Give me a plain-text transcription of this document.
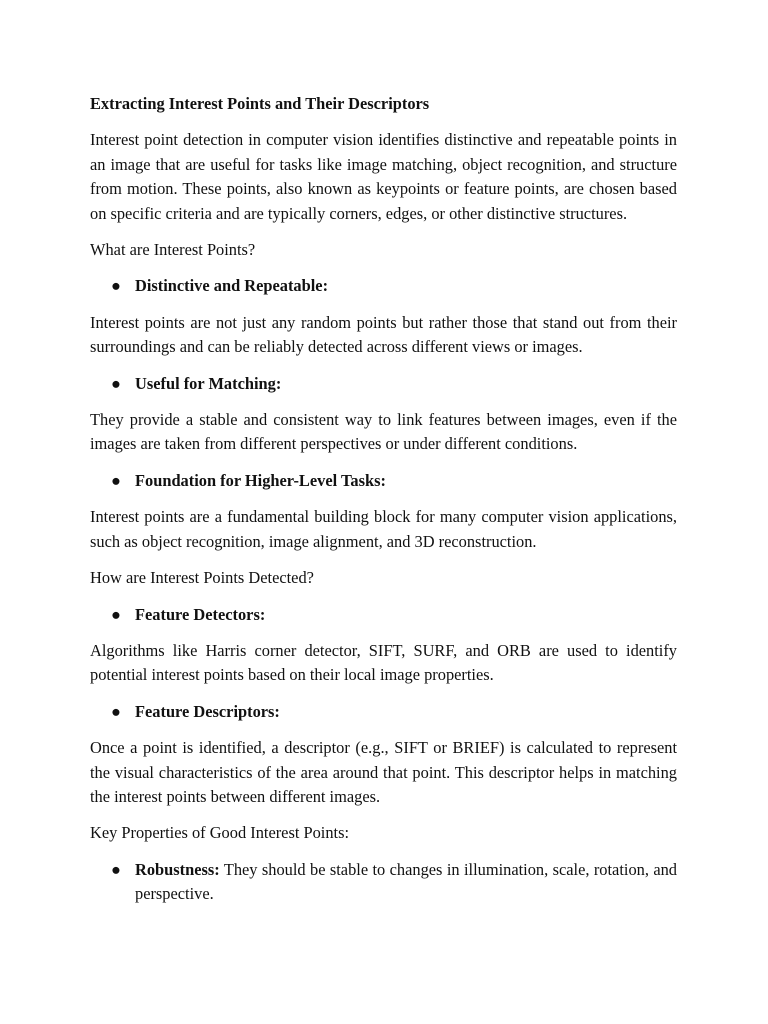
Extracting Interest Points and Their Descriptors
Interest point detection in computer vision identifies distinctive and repeatable points in an image that are useful for tasks like image matching, object recognition, and structure from motion. These points, also known as keypoints or feature points, are chosen based on specific criteria and are typically corners, edges, or other distinctive structures.
What are Interest Points?
● Distinctive and Repeatable:
Interest points are not just any random points but rather those that stand out from their surroundings and can be reliably detected across different views or images.
● Useful for Matching:
They provide a stable and consistent way to link features between images, even if the images are taken from different perspectives or under different conditions.
● Foundation for Higher-Level Tasks:
Interest points are a fundamental building block for many computer vision applications, such as object recognition, image alignment, and 3D reconstruction.
How are Interest Points Detected?
● Feature Detectors:
Algorithms like Harris corner detector, SIFT, SURF, and ORB are used to identify potential interest points based on their local image properties.
● Feature Descriptors:
Once a point is identified, a descriptor (e.g., SIFT or BRIEF) is calculated to represent the visual characteristics of the area around that point. This descriptor helps in matching the interest points between different images.
Key Properties of Good Interest Points:
● Robustness: They should be stable to changes in illumination, scale, rotation, and perspective.
